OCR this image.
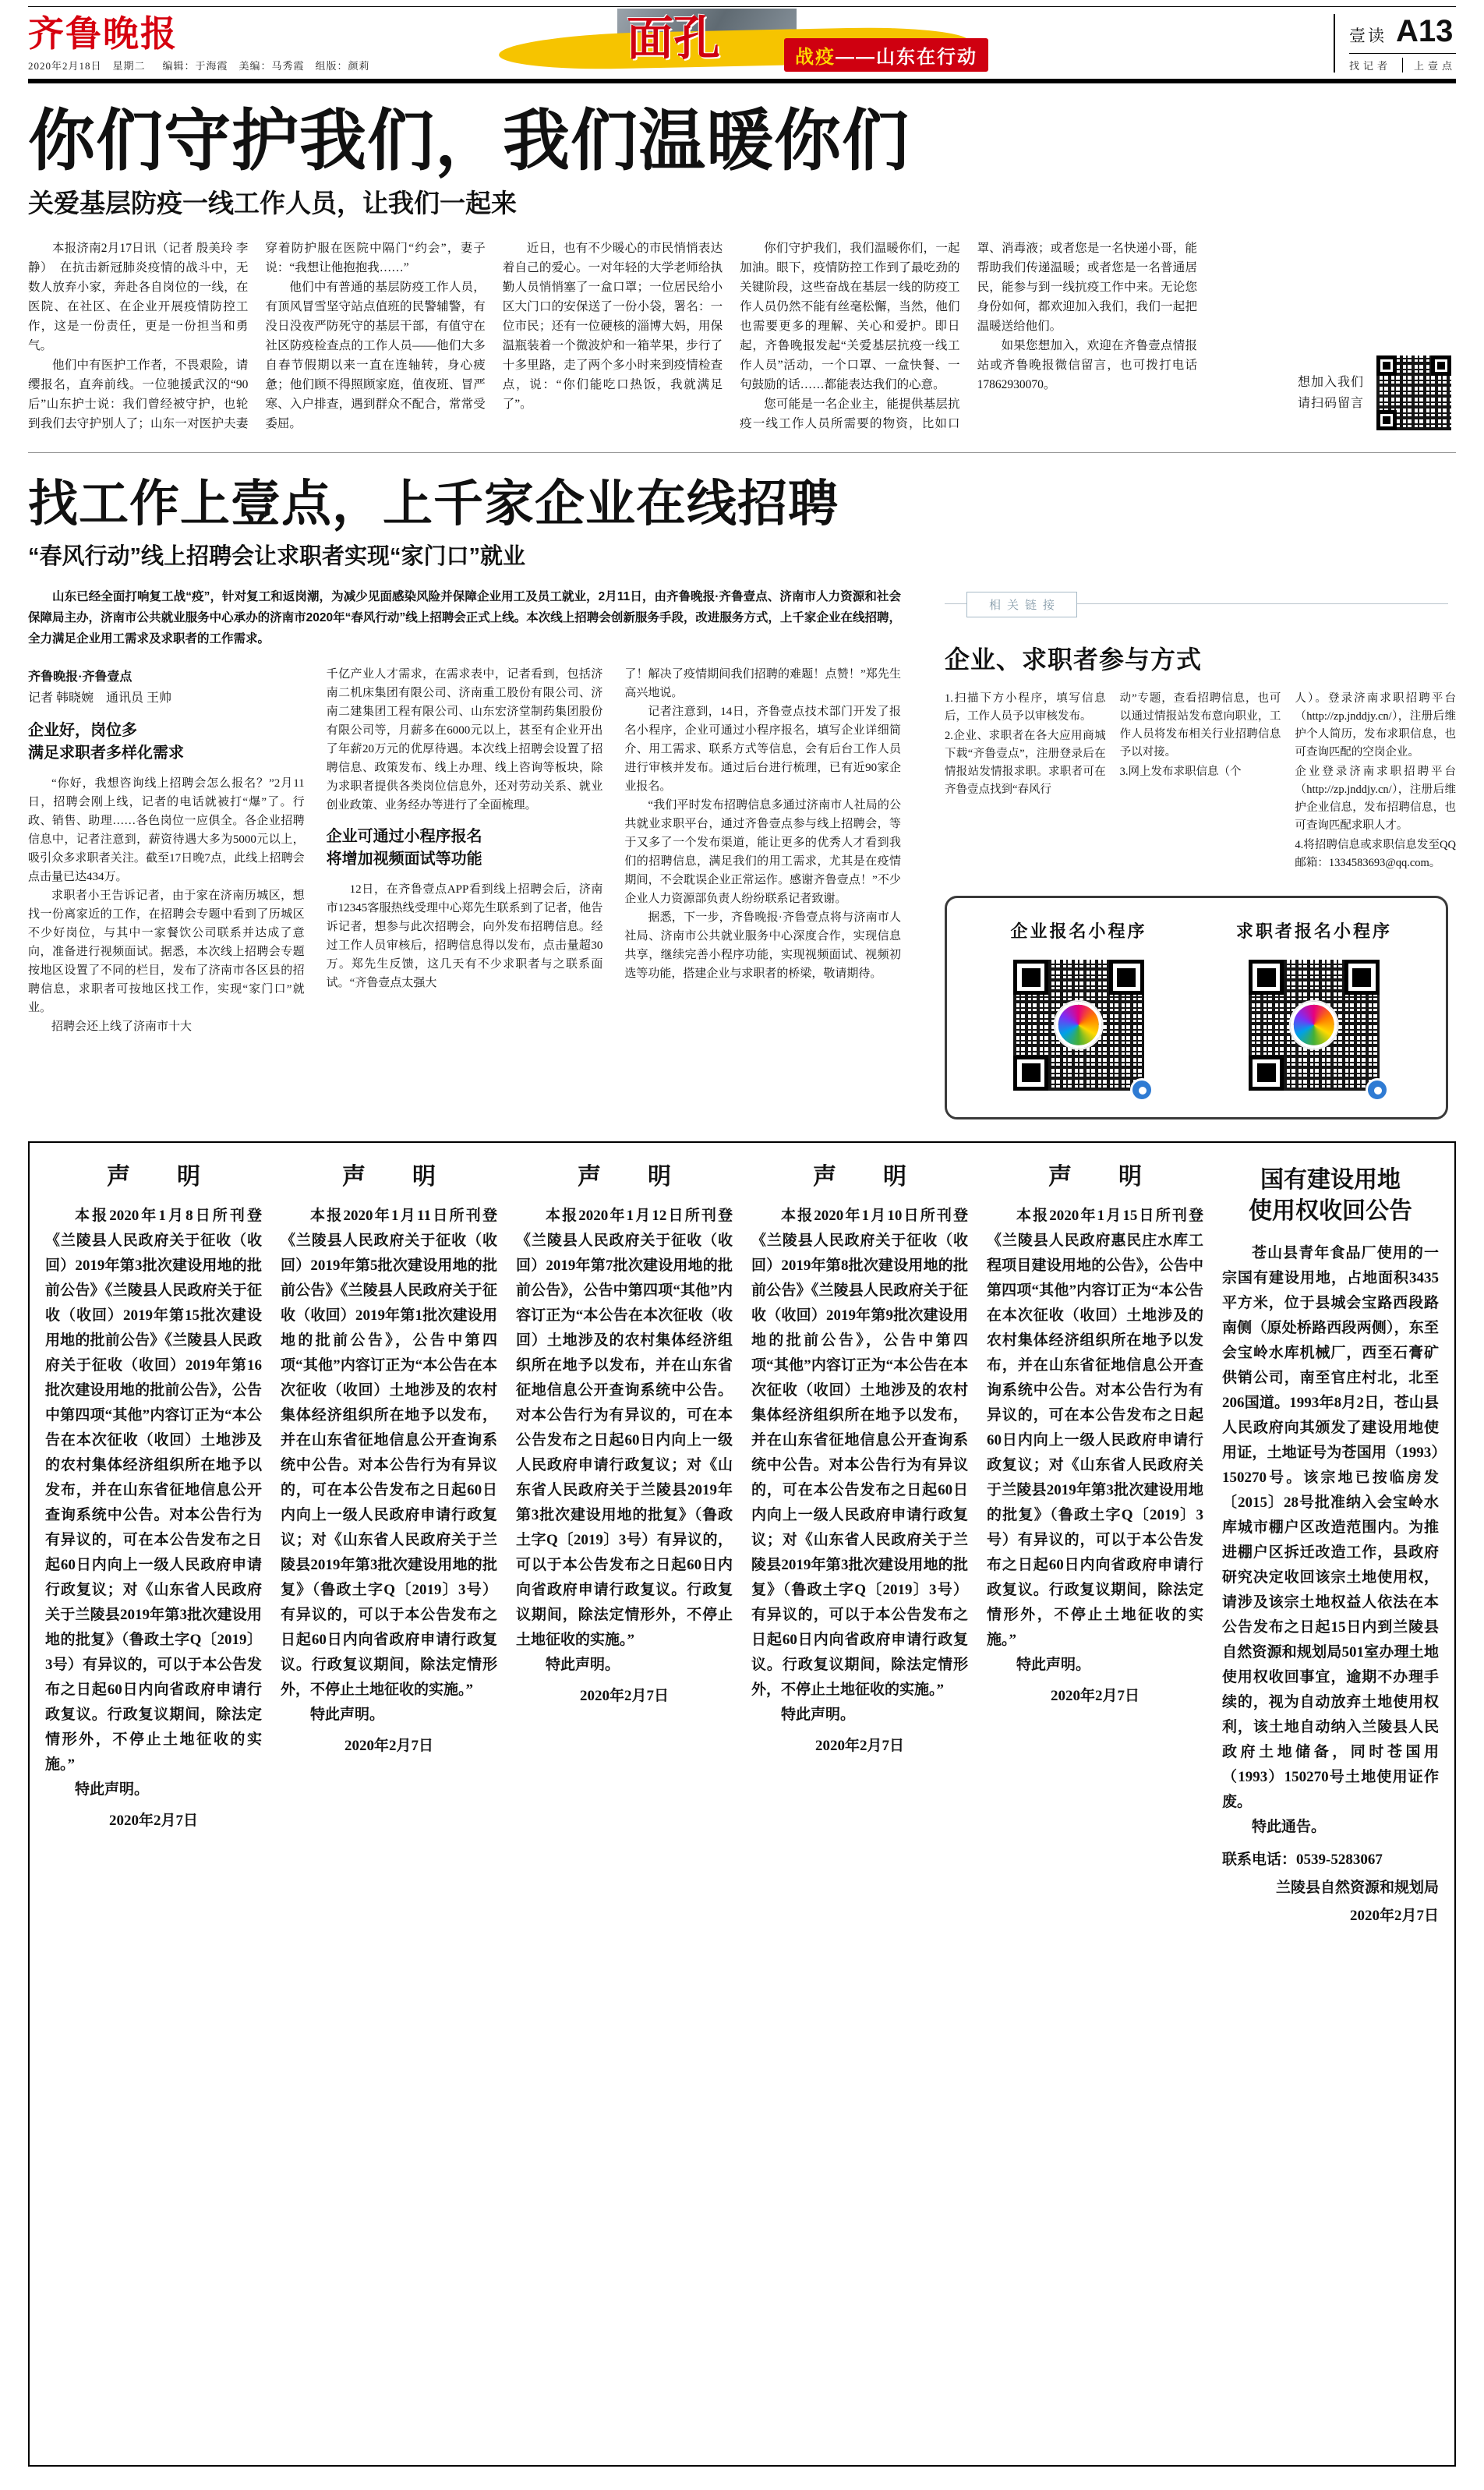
齐鲁晚报
2020年2月18日　星期二 编辑：于海霞　美编：马秀霞　组版：颜莉
面孔	战疫——山东在行动
壹读 A13
找记者 上壹点
你们守护我们，我们温暖你们
关爱基层防疫一线工作人员，让我们一起来

本报济南2月17日讯（记者 殷美玲 李静）　在抗击新冠肺炎疫情的战斗中，无数人放弃小家，奔赴各自岗位的一线，在医院、在社区、在企业开展疫情防控工作，这是一份责任，更是一份担当和勇气。

他们中有医护工作者，不畏艰险，请缨报名，直奔前线。一位驰援武汉的“90后”山东护士说：我们曾经被守护，也轮到我们去守护别人了；山东一对医护夫妻穿着防护服在医院中隔门“约会”，妻子说：“我想让他抱抱我……”

他们中有普通的基层防疫工作人员，有顶风冒雪坚守站点值班的民警辅警，有没日没夜严防死守的基层干部，有值守在社区防疫检查点的工作人员——他们大多自春节假期以来一直在连轴转，身心疲惫；他们顾不得照顾家庭，值夜班、冒严寒、入户排查，遇到群众不配合，常常受委屈。

近日，也有不少暖心的市民悄悄表达着自己的爱心。一对年轻的大学老师给执勤人员悄悄塞了一盒口罩；一位居民给小区大门口的安保送了一份小袋，署名：一位市民；还有一位硬核的淄博大妈，用保温瓶装着一个微波炉和一箱苹果，步行了十多里路，走了两个多小时来到疫情检查点，说：“你们能吃口热饭，我就满足了”。

你们守护我们，我们温暖你们，一起加油。眼下，疫情防控工作到了最吃劲的关键阶段，这些奋战在基层一线的防疫工作人员仍然不能有丝毫松懈，当然，他们也需要更多的理解、关心和爱护。即日起，齐鲁晚报发起“关爱基层抗疫一线工作人员”活动，一个口罩、一盒快餐、一句鼓励的话……都能表达我们的心意。

您可能是一名企业主，能提供基层抗疫一线工作人员所需要的物资，比如口罩、消毒液；或者您是一名快递小哥，能帮助我们传递温暖；或者您是一名普通居民，能参与到一线抗疫工作中来。无论您身份如何，都欢迎加入我们，我们一起把温暖送给他们。

如果您想加入，欢迎在齐鲁壹点情报站或齐鲁晚报微信留言，也可拨打电话17862930070。	想加入我们
请扫码留言
找工作上壹点，上千家企业在线招聘
“春风行动”线上招聘会让求职者实现“家门口”就业

山东已经全面打响复工战“疫”，针对复工和返岗潮，为减少见面感染风险并保障企业用工及员工就业，2月11日，由齐鲁晚报·齐鲁壹点、济南市人力资源和社会保障局主办，济南市公共就业服务中心承办的济南市2020年“春风行动”线上招聘会正式上线。本次线上招聘会创新服务手段，改进服务方式，上千家企业在线招聘，全力满足企业用工需求及求职者的工作需求。

齐鲁晚报·齐鲁壹点
记者 韩晓婉　通讯员 王帅
企业好，岗位多
满足求职者多样化需求

“你好，我想咨询线上招聘会怎么报名？”2月11日，招聘会刚上线，记者的电话就被打“爆”了。行政、销售、助理……各色岗位一应俱全。各企业招聘信息中，记者注意到，薪资待遇大多为5000元以上，吸引众多求职者关注。截至17日晚7点，此线上招聘会点击量已达434万。

求职者小王告诉记者，由于家在济南历城区，想找一份离家近的工作，在招聘会专题中看到了历城区不少好岗位，与其中一家餐饮公司联系并达成了意向，准备进行视频面试。据悉，本次线上招聘会专题按地区设置了不同的栏目，发布了济南市各区县的招聘信息，求职者可按地区找工作，实现“家门口”就业。

招聘会还上线了济南市十大

千亿产业人才需求，在需求表中，记者看到，包括济南二机床集团有限公司、济南重工股份有限公司、济南二建集团工程有限公司、山东宏济堂制药集团股份有限公司等，月薪多在6000元以上，甚至有企业开出了年薪20万元的优厚待遇。本次线上招聘会设置了招聘信息、政策发布、线上办理、线上咨询等板块，除为求职者提供各类岗位信息外，还对劳动关系、就业创业政策、业务经办等进行了全面梳理。

企业可通过小程序报名
将增加视频面试等功能

12日，在齐鲁壹点APP看到线上招聘会后，济南市12345客服热线受理中心郑先生联系到了记者，他告诉记者，想参与此次招聘会，向外发布招聘信息。经过工作人员审核后，招聘信息得以发布，点击量超30万。郑先生反馈，这几天有不少求职者与之联系面试。“齐鲁壹点太强大

了！解决了疫情期间我们招聘的难题！点赞！”郑先生高兴地说。

记者注意到，14日，齐鲁壹点技术部门开发了报名小程序，企业可通过小程序报名，填写企业详细简介、用工需求、联系方式等信息，会有后台工作人员进行审核并发布。通过后台进行梳理，已有近90家企业报名。

“我们平时发布招聘信息多通过济南市人社局的公共就业求职平台，通过齐鲁壹点参与线上招聘会，等于又多了一个发布渠道，能让更多的优秀人才看到我们的招聘信息，满足我们的用工需求，尤其是在疫情期间，不会耽误企业正常运作。感谢齐鲁壹点！”不少企业人力资源部负责人纷纷联系记者致谢。

据悉，下一步，齐鲁晚报·齐鲁壹点将与济南市人社局、济南市公共就业服务中心深度合作，实现信息共享，继续完善小程序功能，实现视频面试、视频初选等功能，搭建企业与求职者的桥梁，敬请期待。

相关链接
企业、求职者参与方式

1.扫描下方小程序，填写信息后，工作人员予以审核发布。

2.企业、求职者在各大应用商城下载“齐鲁壹点”，注册登录后在情报站发情报求职。求职者可在齐鲁壹点找到“春风行

动”专题，查看招聘信息，也可以通过情报站发布意向职业，工作人员将发布相关行业招聘信息予以对接。

3.网上发布求职信息（个

人）。登录济南求职招聘平台（http://zp.jnddjy.cn/），注册后维护个人简历，发布求职信息，也可查询匹配的空岗企业。

企业登录济南求职招聘平台（http://zp.jnddjy.cn/），注册后维护企业信息，发布招聘信息，也可查询匹配求职人才。

4.将招聘信息或求职信息发至QQ邮箱：1334583693@qq.com。

企业报名小程序	求职者报名小程序
声　　明

本报2020年1月8日所刊登《兰陵县人民政府关于征收（收回）2019年第3批次建设用地的批前公告》《兰陵县人民政府关于征收（收回）2019年第15批次建设用地的批前公告》《兰陵县人民政府关于征收（收回）2019年第16批次建设用地的批前公告》，公告中第四项“其他”内容订正为“本公告在本次征收（收回）土地涉及的农村集体经济组织所在地予以发布，并在山东省征地信息公开查询系统中公告。对本公告行为有异议的，可在本公告发布之日起60日内向上一级人民政府申请行政复议；对《山东省人民政府关于兰陵县2019年第3批次建设用地的批复》（鲁政土字Q〔2019〕3号）有异议的，可以于本公告发布之日起60日内向省政府申请行政复议。行政复议期间，除法定情形外，不停止土地征收的实施。”

特此声明。

2020年2月7日

声　　明

本报2020年1月11日所刊登《兰陵县人民政府关于征收（收回）2019年第5批次建设用地的批前公告》《兰陵县人民政府关于征收（收回）2019年第1批次建设用地的批前公告》，公告中第四项“其他”内容订正为“本公告在本次征收（收回）土地涉及的农村集体经济组织所在地予以发布，并在山东省征地信息公开查询系统中公告。对本公告行为有异议的，可在本公告发布之日起60日内向上一级人民政府申请行政复议；对《山东省人民政府关于兰陵县2019年第3批次建设用地的批复》（鲁政土字Q〔2019〕3号）有异议的，可以于本公告发布之日起60日内向省政府申请行政复议。行政复议期间，除法定情形外，不停止土地征收的实施。”

特此声明。

2020年2月7日

声　　明

本报2020年1月12日所刊登《兰陵县人民政府关于征收（收回）2019年第7批次建设用地的批前公告》，公告中第四项“其他”内容订正为“本公告在本次征收（收回）土地涉及的农村集体经济组织所在地予以发布，并在山东省征地信息公开查询系统中公告。对本公告行为有异议的，可在本公告发布之日起60日内向上一级人民政府申请行政复议；对《山东省人民政府关于兰陵县2019年第3批次建设用地的批复》（鲁政土字Q〔2019〕3号）有异议的，可以于本公告发布之日起60日内向省政府申请行政复议。行政复议期间，除法定情形外，不停止土地征收的实施。”

特此声明。

2020年2月7日

声　　明

本报2020年1月10日所刊登《兰陵县人民政府关于征收（收回）2019年第8批次建设用地的批前公告》《兰陵县人民政府关于征收（收回）2019年第9批次建设用地的批前公告》，公告中第四项“其他”内容订正为“本公告在本次征收（收回）土地涉及的农村集体经济组织所在地予以发布，并在山东省征地信息公开查询系统中公告。对本公告行为有异议的，可在本公告发布之日起60日内向上一级人民政府申请行政复议；对《山东省人民政府关于兰陵县2019年第3批次建设用地的批复》（鲁政土字Q〔2019〕3号）有异议的，可以于本公告发布之日起60日内向省政府申请行政复议。行政复议期间，除法定情形外，不停止土地征收的实施。”

特此声明。

2020年2月7日

声　　明

本报2020年1月15日所刊登《兰陵县人民政府惠民庄水库工程项目建设用地的公告》，公告中第四项“其他”内容订正为“本公告在本次征收（收回）土地涉及的农村集体经济组织所在地予以发布，并在山东省征地信息公开查询系统中公告。对本公告行为有异议的，可在本公告发布之日起60日内向上一级人民政府申请行政复议；对《山东省人民政府关于兰陵县2019年第3批次建设用地的批复》（鲁政土字Q〔2019〕3号）有异议的，可以于本公告发布之日起60日内向省政府申请行政复议。行政复议期间，除法定情形外，不停止土地征收的实施。”

特此声明。

2020年2月7日

国有建设用地
使用权收回公告

苍山县青年食品厂使用的一宗国有建设用地，占地面积3435平方米，位于县城会宝路西段路南侧（原处桥路西段两侧），东至会宝岭水库机械厂，西至石膏矿供销公司，南至官庄村北，北至206国道。1993年8月2日，苍山县人民政府向其颁发了建设用地使用证，土地证号为苍国用（1993）150270号。该宗地已按临房发〔2015〕28号批准纳入会宝岭水库城市棚户区改造范围内。为推进棚户区拆迁改造工作，县政府研究决定收回该宗土地使用权，请涉及该宗土地权益人依法在本公告发布之日起15日内到兰陵县自然资源和规划局501室办理土地使用权收回事宜，逾期不办理手续的，视为自动放弃土地使用权利，该土地自动纳入兰陵县人民政府土地储备，同时苍国用（1993）150270号土地使用证作废。

特此通告。

联系电话：0539-5283067

兰陵县自然资源和规划局

2020年2月7日
